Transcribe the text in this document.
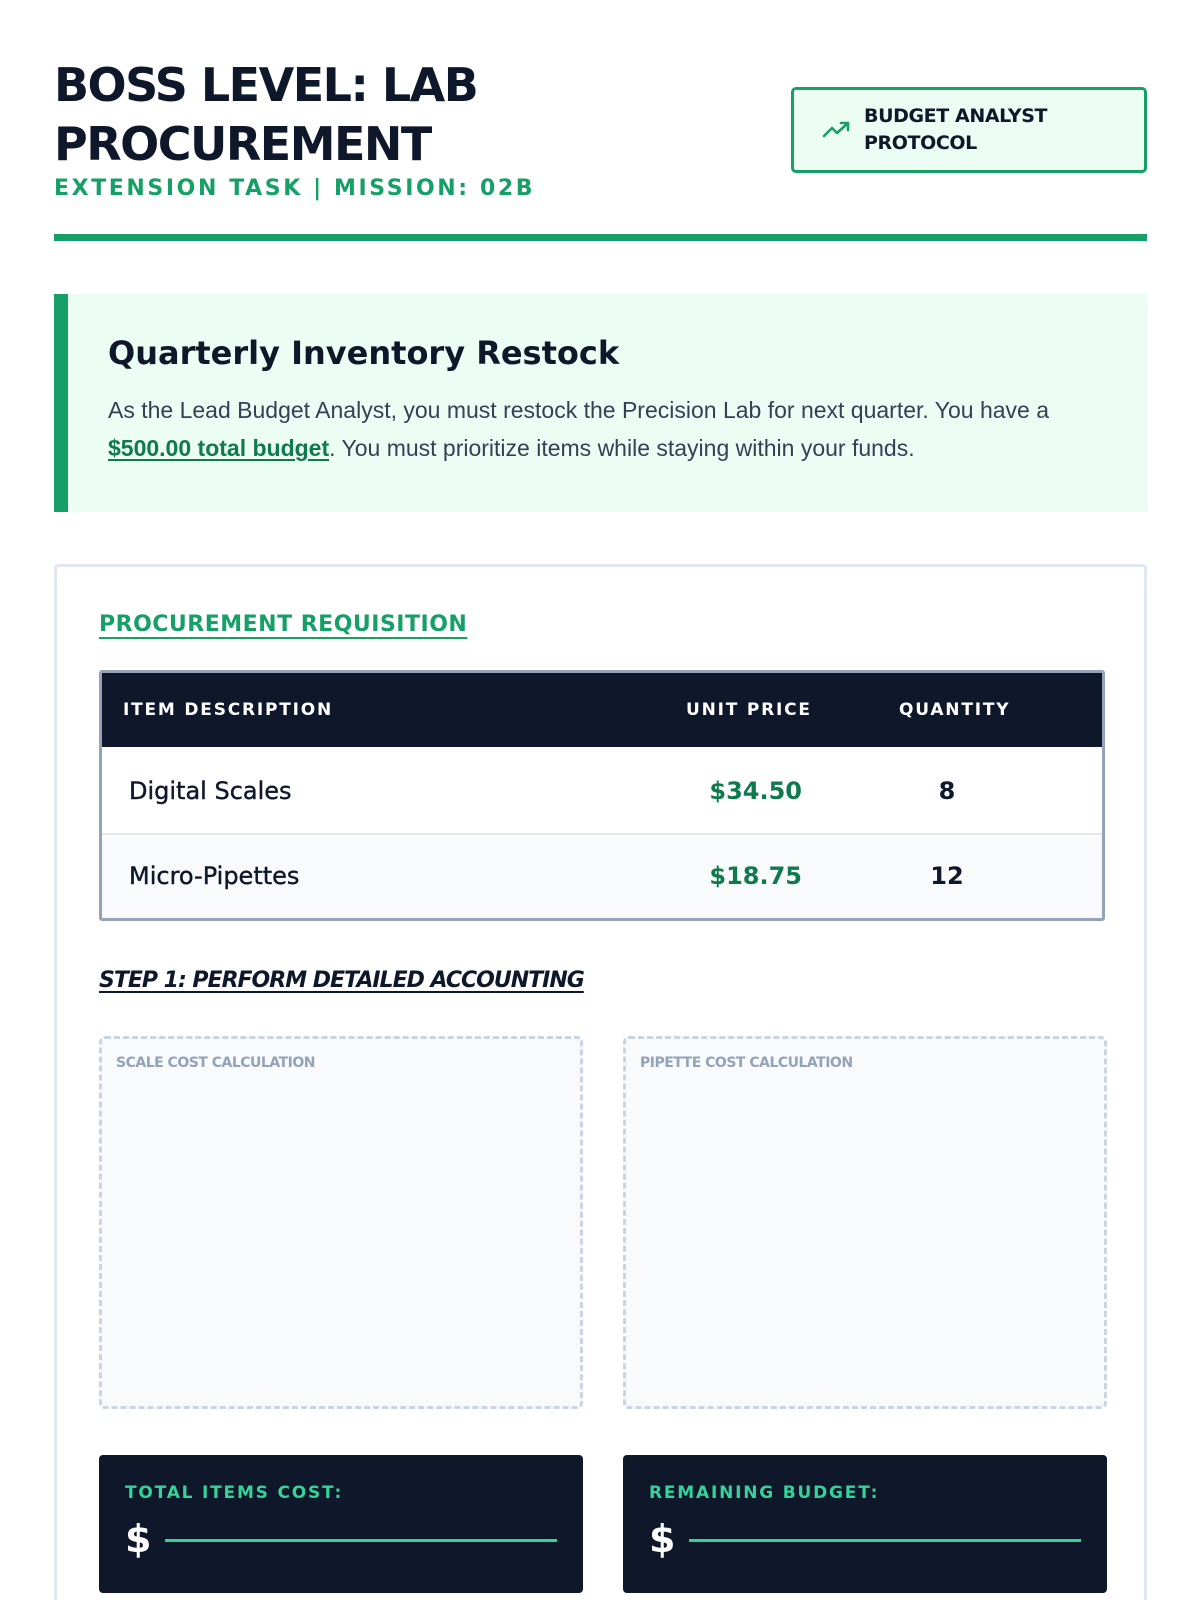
BOSS LEVEL: LAB PROCUREMENT
EXTENSION TASK | MISSION: 02B
BUDGET ANALYST PROTOCOL
Quarterly Inventory Restock

As the Lead Budget Analyst, you must restock the Precision Lab for next quarter. You have a $500.00 total budget. You must prioritize items while staying within your funds.

PROCUREMENT REQUISITION
ITEM DESCRIPTION	UNIT PRICE	QUANTITY
Digital Scales	$34.50	8
Micro-Pipettes	$18.75	12
STEP 1: PERFORM DETAILED ACCOUNTING
SCALE COST CALCULATION	PIPETTE COST CALCULATION
TOTAL ITEMS COST:
$
REMAINING BUDGET:
$
